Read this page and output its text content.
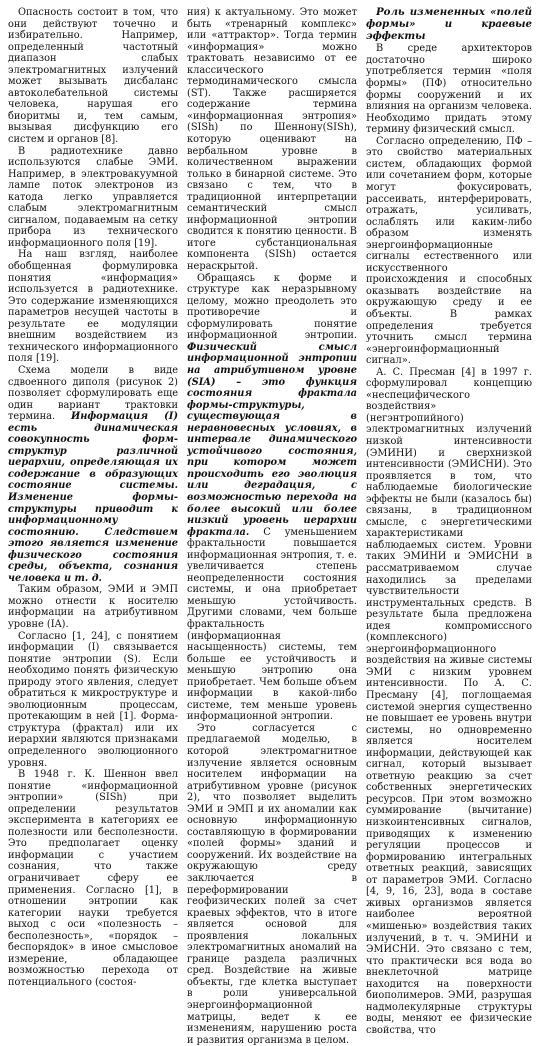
Опасность состоит в том, что они действуют точечно и избирательно. Например, определенный частотный диапазон слабых электромагнитных излучений может вызывать дисбаланс автоколебательной системы человека, нарушая его биоритмы и, тем самым, вызывая дисфункцию его систем и органов [8].

В радиотехнике давно используются слабые ЭМИ. Например, в электровакуумной лампе поток электронов из катода легко управляется слабым электромагнитным сигналом, подаваемым на сетку прибора из технического информационного поля [19].

На наш взгляд, наиболее обобщенная формулировка понятия «информация» используется в радиотехнике. Это содержание изменяющихся параметров несущей частоты в результате ее модуляции внешним воздействием из технического информационного поля [19].

Схема модели в виде сдвоенного диполя (рисунок 2) позволяет сформулировать еще один вариант трактовки термина. Информация (I) есть динамическая совокупность форм-структур различной иерархии, определяющая их содержание в образующих состояние системы. Изменение формы-структуры приводит к информационному состоянию. Следствием этого является изменение физического состояния среды, объекта, сознания человека и т. д.

Таким образом, ЭМИ и ЭМП можно отнести к носителю информации на атрибутивном уровне (IA).

Согласно [1, 24], с понятием информации (I) связывается понятие энтропии (S). Если необходимо понять физическую природу этого явления, следует обратиться к микроструктуре и эволюционным процессам, протекающим в ней [1]. Форма-структура (фрактал) или их иерархии являются признаками определенного эволюционного уровня.

В 1948 г. К. Шеннон ввел понятие «информационной энтропии» (SISh) при определении результатов эксперимента в категориях ее полезности или бесполезности. Это предполагает оценку информации с участием сознания, что также ограничивает сферу ее применения. Согласно [1], в отношении энтропии как категории науки требуется выход с оси «полезность – бесполезность», «порядок – беспорядок» в иное смысловое измерение, обладающее возможностью перехода от потенциального (состоя-

ния) к актуальному. Это может быть «тренарный комплекс» или «аттрактор». Тогда термин «информация» можно трактовать независимо от ее классического термодинамического смысла (ST). Также расширяется содержание термина «информационная энтропия» (SISh) по Шеннону(SISh), которую оценивают на вербальном уровне в количественном выражении только в бинарной системе. Это связано с тем, что в традиционной интерпретации семантический смысл информационной энтропии сводится к понятию ценности. В итоге субстанциональная компонента (SISh) остается нераскрытой.

Обращаясь к форме и структуре как неразрывному целому, можно преодолеть это противоречие и сформулировать понятие информационной энтропии. Физический смысл информационной энтропии на атрибутивном уровне (SIA) – это функция состояния фрактала формы-структуры, существующая в неравновесных условиях, в интервале динамического устойчивого состояния, при котором может происходить его эволюция или деградация, с возможностью перехода на более высокий или более низкий уровень иерархии фрактала. С уменьшением фрактальности повышается информационная энтропия, т. е. увеличивается степень неопределенности состояния системы, и она приобретает меньшую устойчивость. Другими словами, чем больше фрактальность (информационная насыщенность) системы, тем больше ее устойчивость и меньшую энтропию она приобретает. Чем больше объем информации в какой-либо системе, тем меньше уровень информационной энтропии.

Это согласуется с предлагаемой моделью, в которой электромагнитное излучение является основным носителем информации на атрибутивном уровне (рисунок 2), что позволяет выделить ЭМИ и ЭМП и их аномалии как основную информационную составляющую в формировании «полей формы» зданий и сооружений. Их воздействие на окружающую среду заключается в переформировании геофизических полей за счет краевых эффектов, что в итоге является основой для проявления локальных электромагнитных аномалий на границе раздела различных сред. Воздействие на живые объекты, где клетка выступает в роли универсальной энергоинформационной матрицы, ведет к ее изменениям, нарушению роста и развития организма в целом.

Роль измененных «полей формы» и краевые эффекты

В среде архитекторов достаточно широко употребляется термин «поля формы» (ПФ) относительно формы сооружений и их влияния на организм человека. Необходимо придать этому термину физический смысл.

Согласно определению, ПФ – это свойство материальных систем, обладающих формой или сочетанием форм, которые могут фокусировать, рассеивать, интерферировать, отражать, усиливать, ослаблять или каким-либо образом изменять энергоинформационные сигналы естественного или искусственного происхождения и способных оказывать воздействие на окружающую среду и ее объекты. В рамках определения требуется уточнить смысл термина «энергоинформационный сигнал».

А. С. Пресман [4] в 1997 г. сформулировал концепцию «неспецифического воздействия» (негэнтропийного) электромагнитных излучений низкой интенсивности (ЭМИНИ) и сверхнизкой интенсивности (ЭМИСНИ). Это проявляется в том, что наблюдаемые биологические эффекты не были (казалось бы) связаны, в традиционном смысле, с энергетическими характеристиками наблюдаемых систем. Уровни таких ЭМИНИ и ЭМИСНИ в рассматриваемом случае находились за пределами чувствительности инструментальных средств. В результате была предложена идея компромиссного (комплексного) энергоинформационного воздействия на живые системы ЭМИ с низким уровнем интенсивности. По А. С. Пресману [4], поглощаемая системой энергия существенно не повышает ее уровень внутри системы, но одновременно является носителем информации, действующей как сигнал, который вызывает ответную реакцию за счет собственных энергетических ресурсов. При этом возможно суммирование (вычитание) низкоинтенсивных сигналов, приводящих к изменению регуляции процессов и формированию интегральных ответных реакций, зависящих от параметров ЭМИ. Согласно [4, 9, 16, 23], вода в составе живых организмов является наиболее вероятной «мишенью» воздействия таких излучений, в т. ч. ЭМИНИ и ЭМИСНИ. Это связано с тем, что практически вся вода во внеклеточной матрице находится на поверхности биополимеров. ЭМИ, разрушая надмолекулярные структуры воды, меняют ее физические свойства, что
